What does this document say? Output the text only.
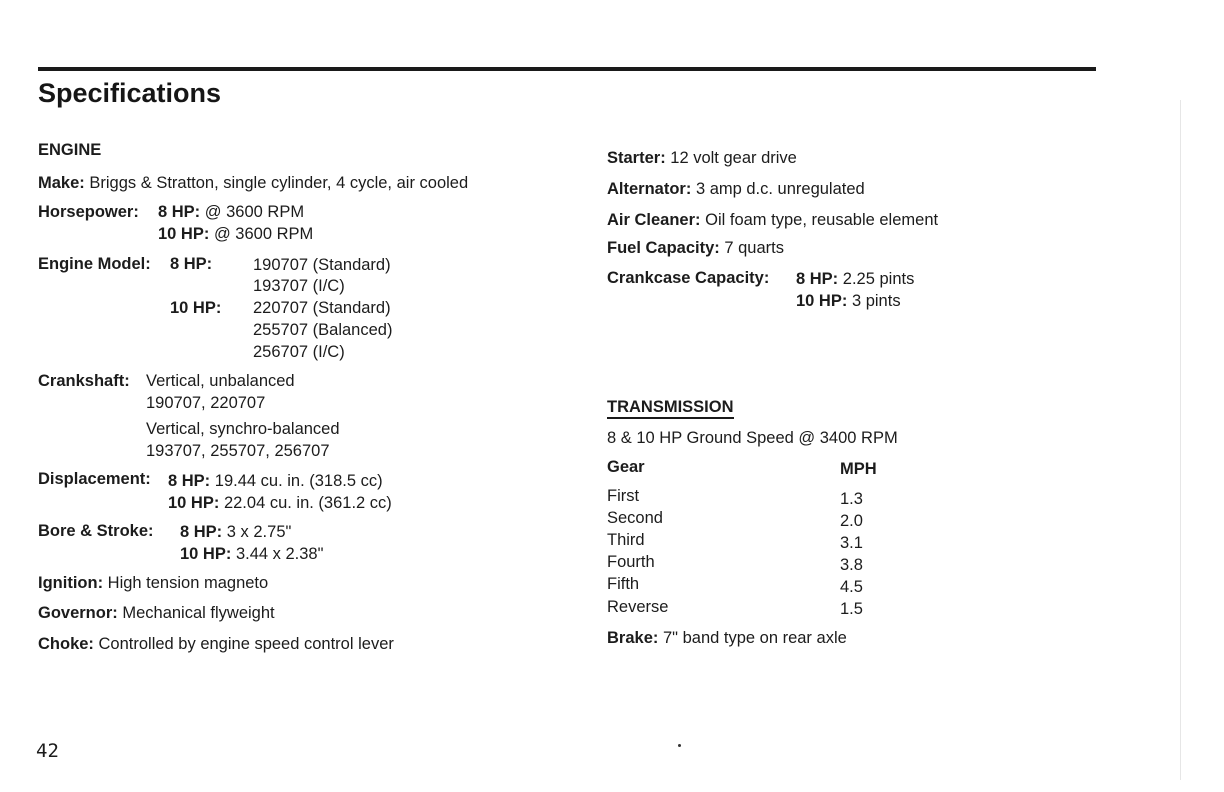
Specifications
ENGINE
Make: Briggs & Stratton, single cylinder, 4 cycle, air cooled
Horsepower: 8 HP: @ 3600 RPM
10 HP: @ 3600 RPM
Engine Model: 8 HP: 190707 (Standard)
193707 (I/C)
10 HP: 220707 (Standard)
255707 (Balanced)
256707 (I/C)
Crankshaft: Vertical, unbalanced
190707, 220707
Vertical, synchro-balanced
193707, 255707, 256707
Displacement: 8 HP: 19.44 cu. in. (318.5 cc)
10 HP: 22.04 cu. in. (361.2 cc)
Bore & Stroke: 8 HP: 3 x 2.75"
10 HP: 3.44 x 2.38"
Ignition: High tension magneto
Governor: Mechanical flyweight
Choke: Controlled by engine speed control lever
Starter: 12 volt gear drive
Alternator: 3 amp d.c. unregulated
Air Cleaner: Oil foam type, reusable element
Fuel Capacity: 7 quarts
Crankcase Capacity: 8 HP: 2.25 pints
10 HP: 3 pints
TRANSMISSION
8 & 10 HP Ground Speed @ 3400 RPM
Gear	MPH
First	1.3
Second	2.0
Third	3.1
Fourth	3.8
Fifth	4.5
Reverse	1.5
Brake: 7" band type on rear axle
42
